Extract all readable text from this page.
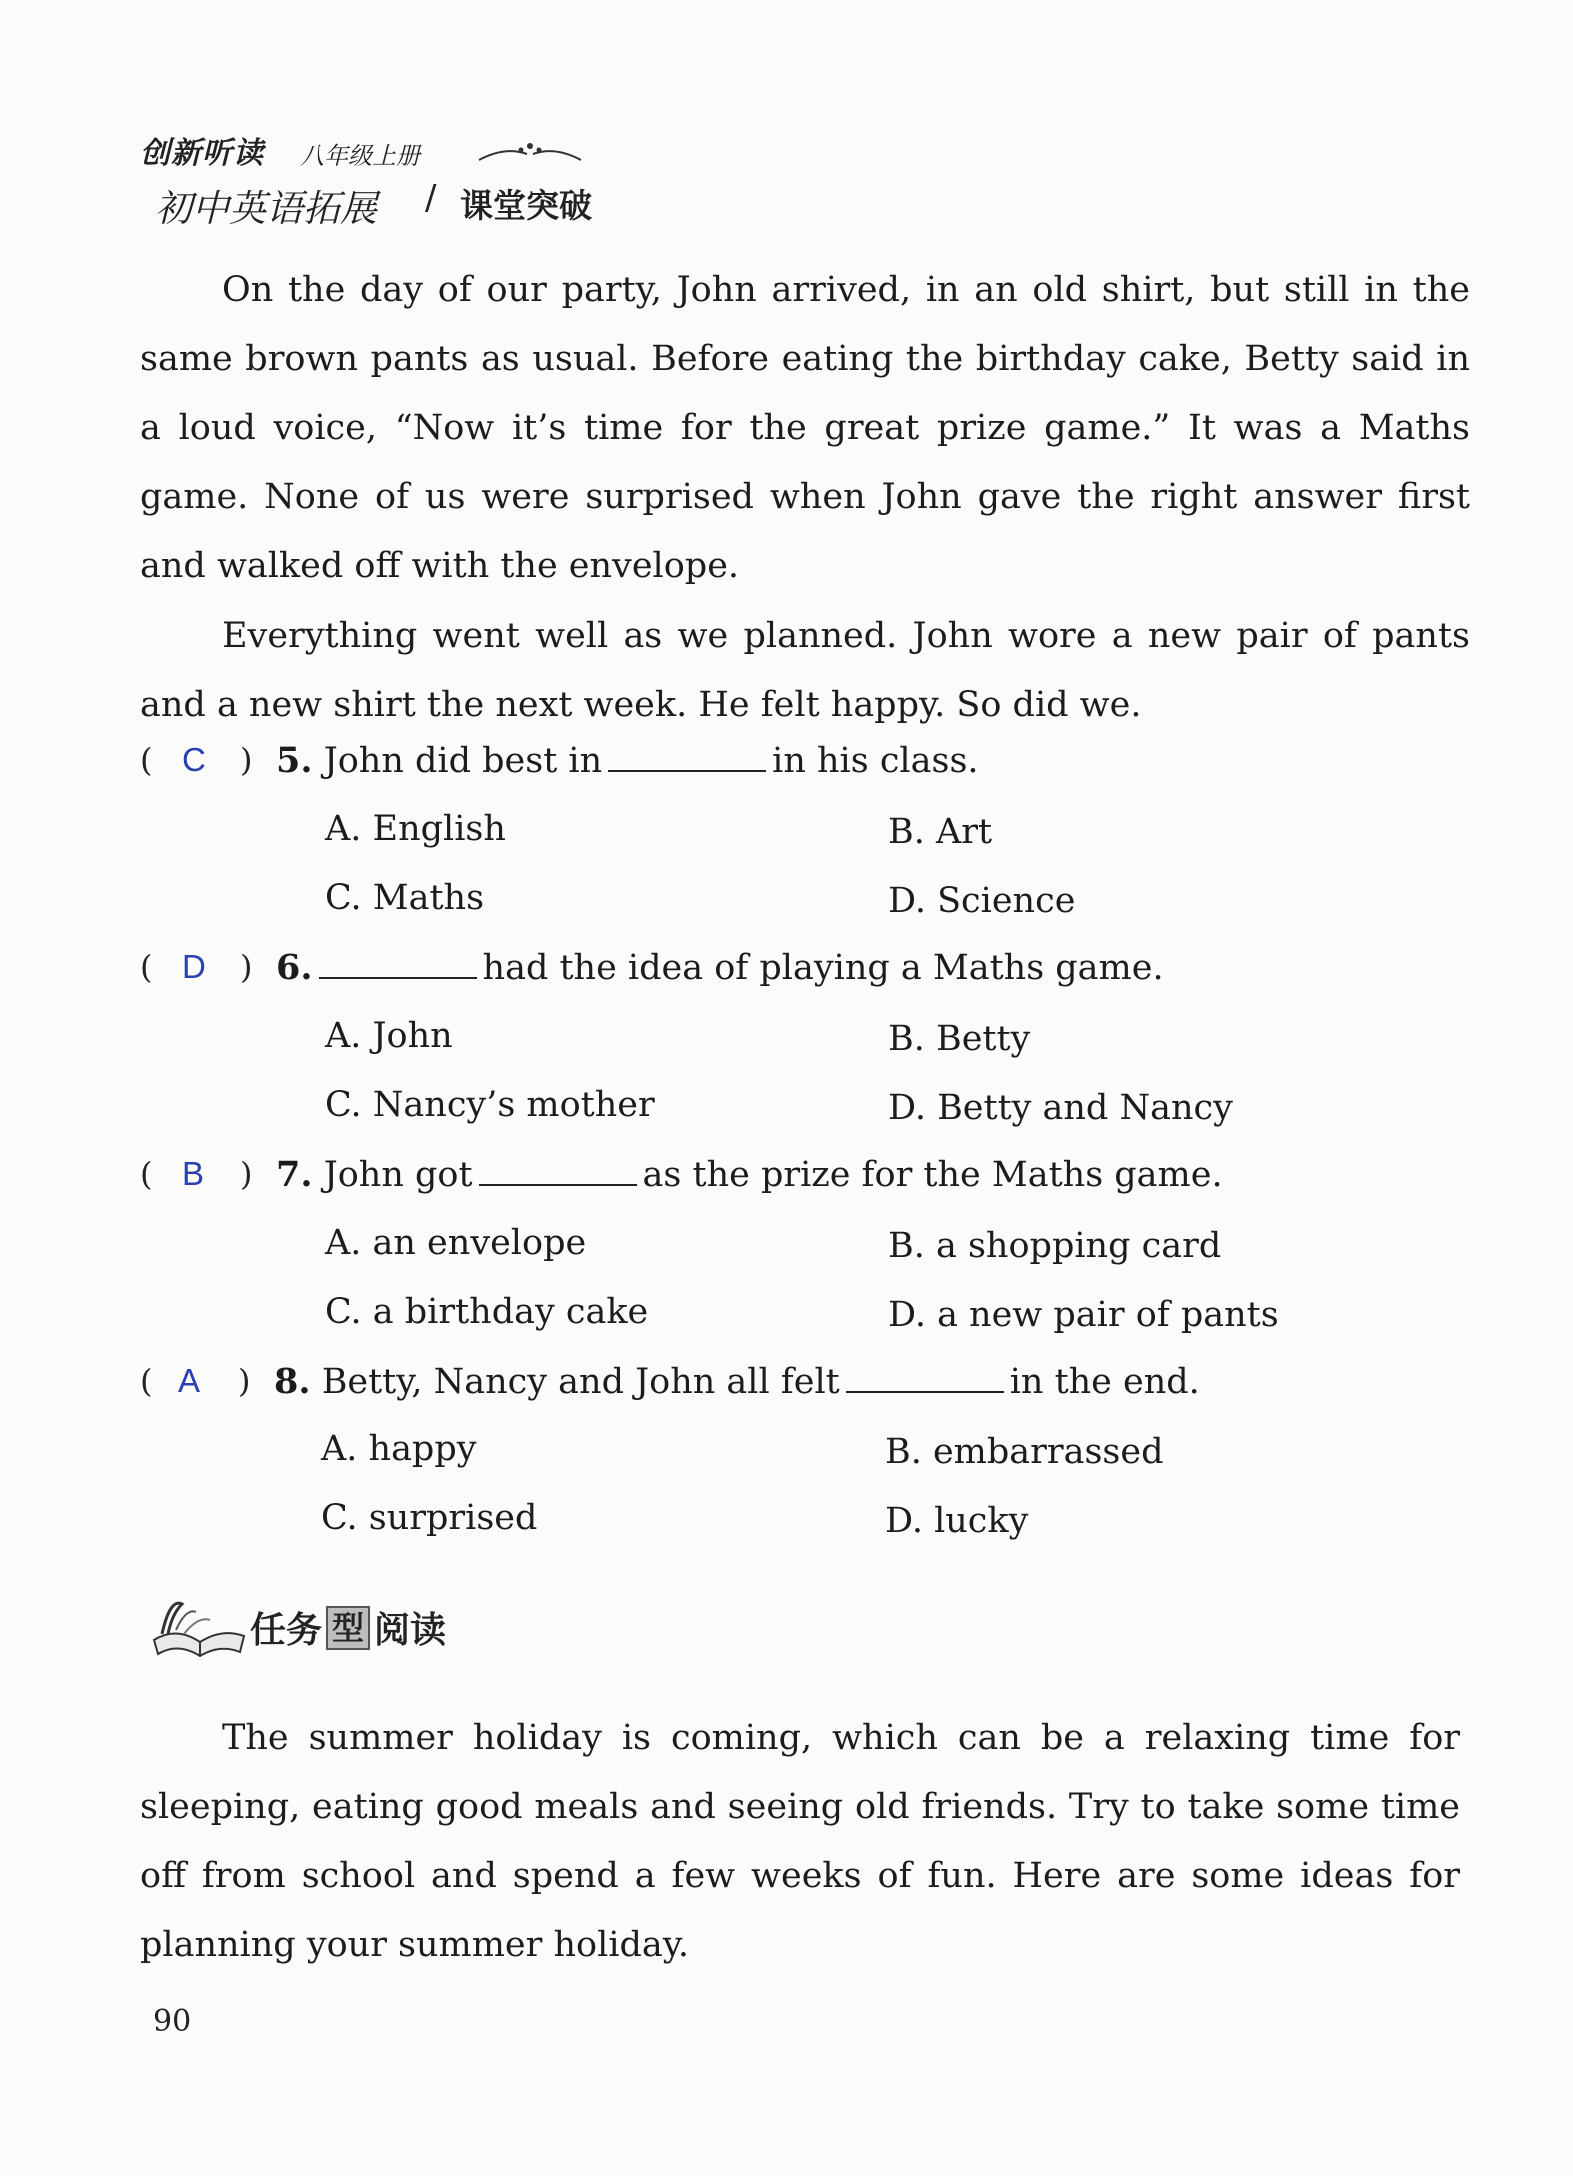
创新听读 八年级上册
初中英语拓展 / 课堂突破

On the day of our party, John arrived, in an old shirt, but still in the same brown pants as usual. Before eating the birthday cake, Betty said in a loud voice, “Now it’s time for the great prize game.” It was a Maths game. None of us were surprised when John gave the right answer first and walked off with the envelope.

Everything went well as we planned. John wore a new pair of pants and a new shirt the next week. He felt happy. So did we.

( C ) 5. John did best in	in his class.
A. English	B. Art
C. Maths	D. Science
( D ) 6.	had the idea of playing a Maths game.
A. John	B. Betty
C. Nancy’s mother	D. Betty and Nancy
( B ) 7. John got	as the prize for the Maths game.
A. an envelope	B. a shopping card
C. a birthday cake	D. a new pair of pants
( A ) 8. Betty, Nancy and John all felt	in the end.
A. happy	B. embarrassed
C. surprised	D. lucky
任务 型 阅读

The summer holiday is coming, which can be a relaxing time for sleeping, eating good meals and seeing old friends. Try to take some time off from school and spend a few weeks of fun. Here are some ideas for planning your summer holiday.

90
